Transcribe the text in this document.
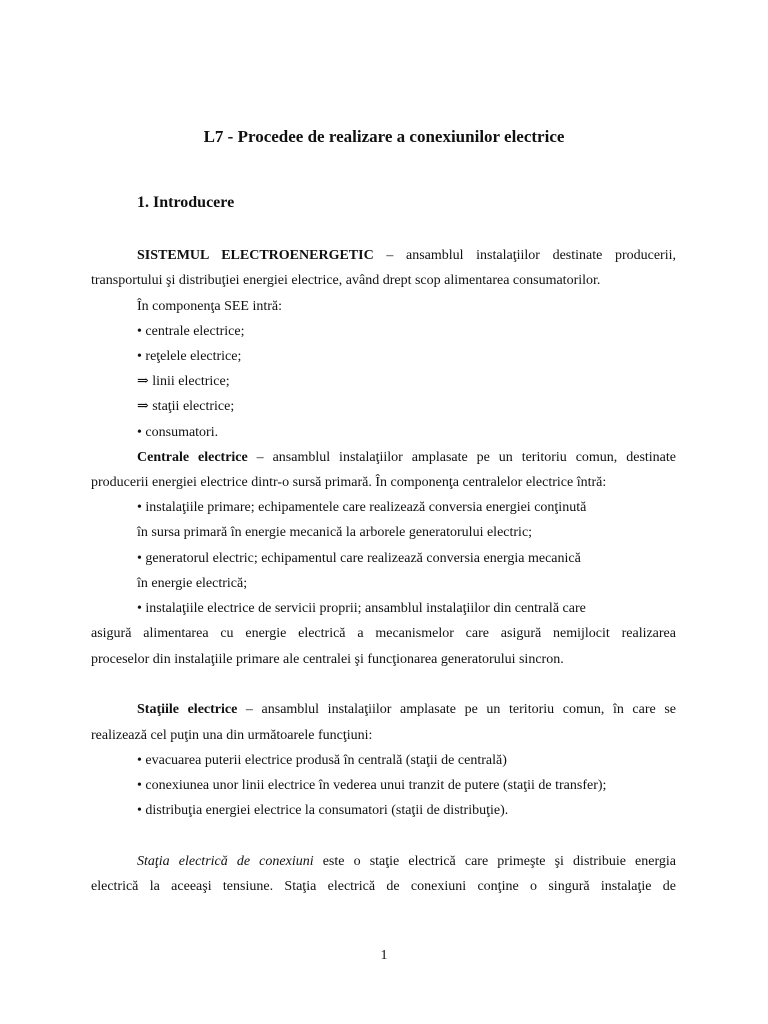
L7 - Procedee de realizare a conexiunilor electrice
1. Introducere
SISTEMUL ELECTROENERGETIC – ansamblul instalaţiilor destinate producerii,
transportului şi distribuţiei energiei electrice, având drept scop alimentarea consumatorilor.
În componenţa SEE intră:
• centrale electrice;
• reţelele electrice;
⇒ linii electrice;
⇒ staţii electrice;
• consumatori.
Centrale electrice – ansamblul instalaţiilor amplasate pe un teritoriu comun, destinate
producerii energiei electrice dintr-o sursă primară. În componenţa centralelor electrice întră:
• instalaţiile primare; echipamentele care realizează conversia energiei conţinută
în sursa primară în energie mecanică la arborele generatorului electric;
• generatorul electric; echipamentul care realizează conversia energia mecanică
în energie electrică;
• instalaţiile electrice de servicii proprii; ansamblul instalaţiilor din centrală care
asigură alimentarea cu energie electrică a mecanismelor care asigură nemijlocit realizarea
proceselor din instalaţiile primare ale centralei şi funcţionarea generatorului sincron.
Staţiile electrice – ansamblul instalaţiilor amplasate pe un teritoriu comun, în care se
realizează cel puţin una din următoarele funcţiuni:
• evacuarea puterii electrice produsă în centrală (staţii de centrală)
• conexiunea unor linii electrice în vederea unui tranzit de putere (staţii de transfer);
• distribuţia energiei electrice la consumatori (staţii de distribuţie).
Staţia electrică de conexiuni este o staţie electrică care primeşte şi distribuie energia
electrică la aceeaşi tensiune. Staţia electrică de conexiuni conţine o singură instalaţie de
1
